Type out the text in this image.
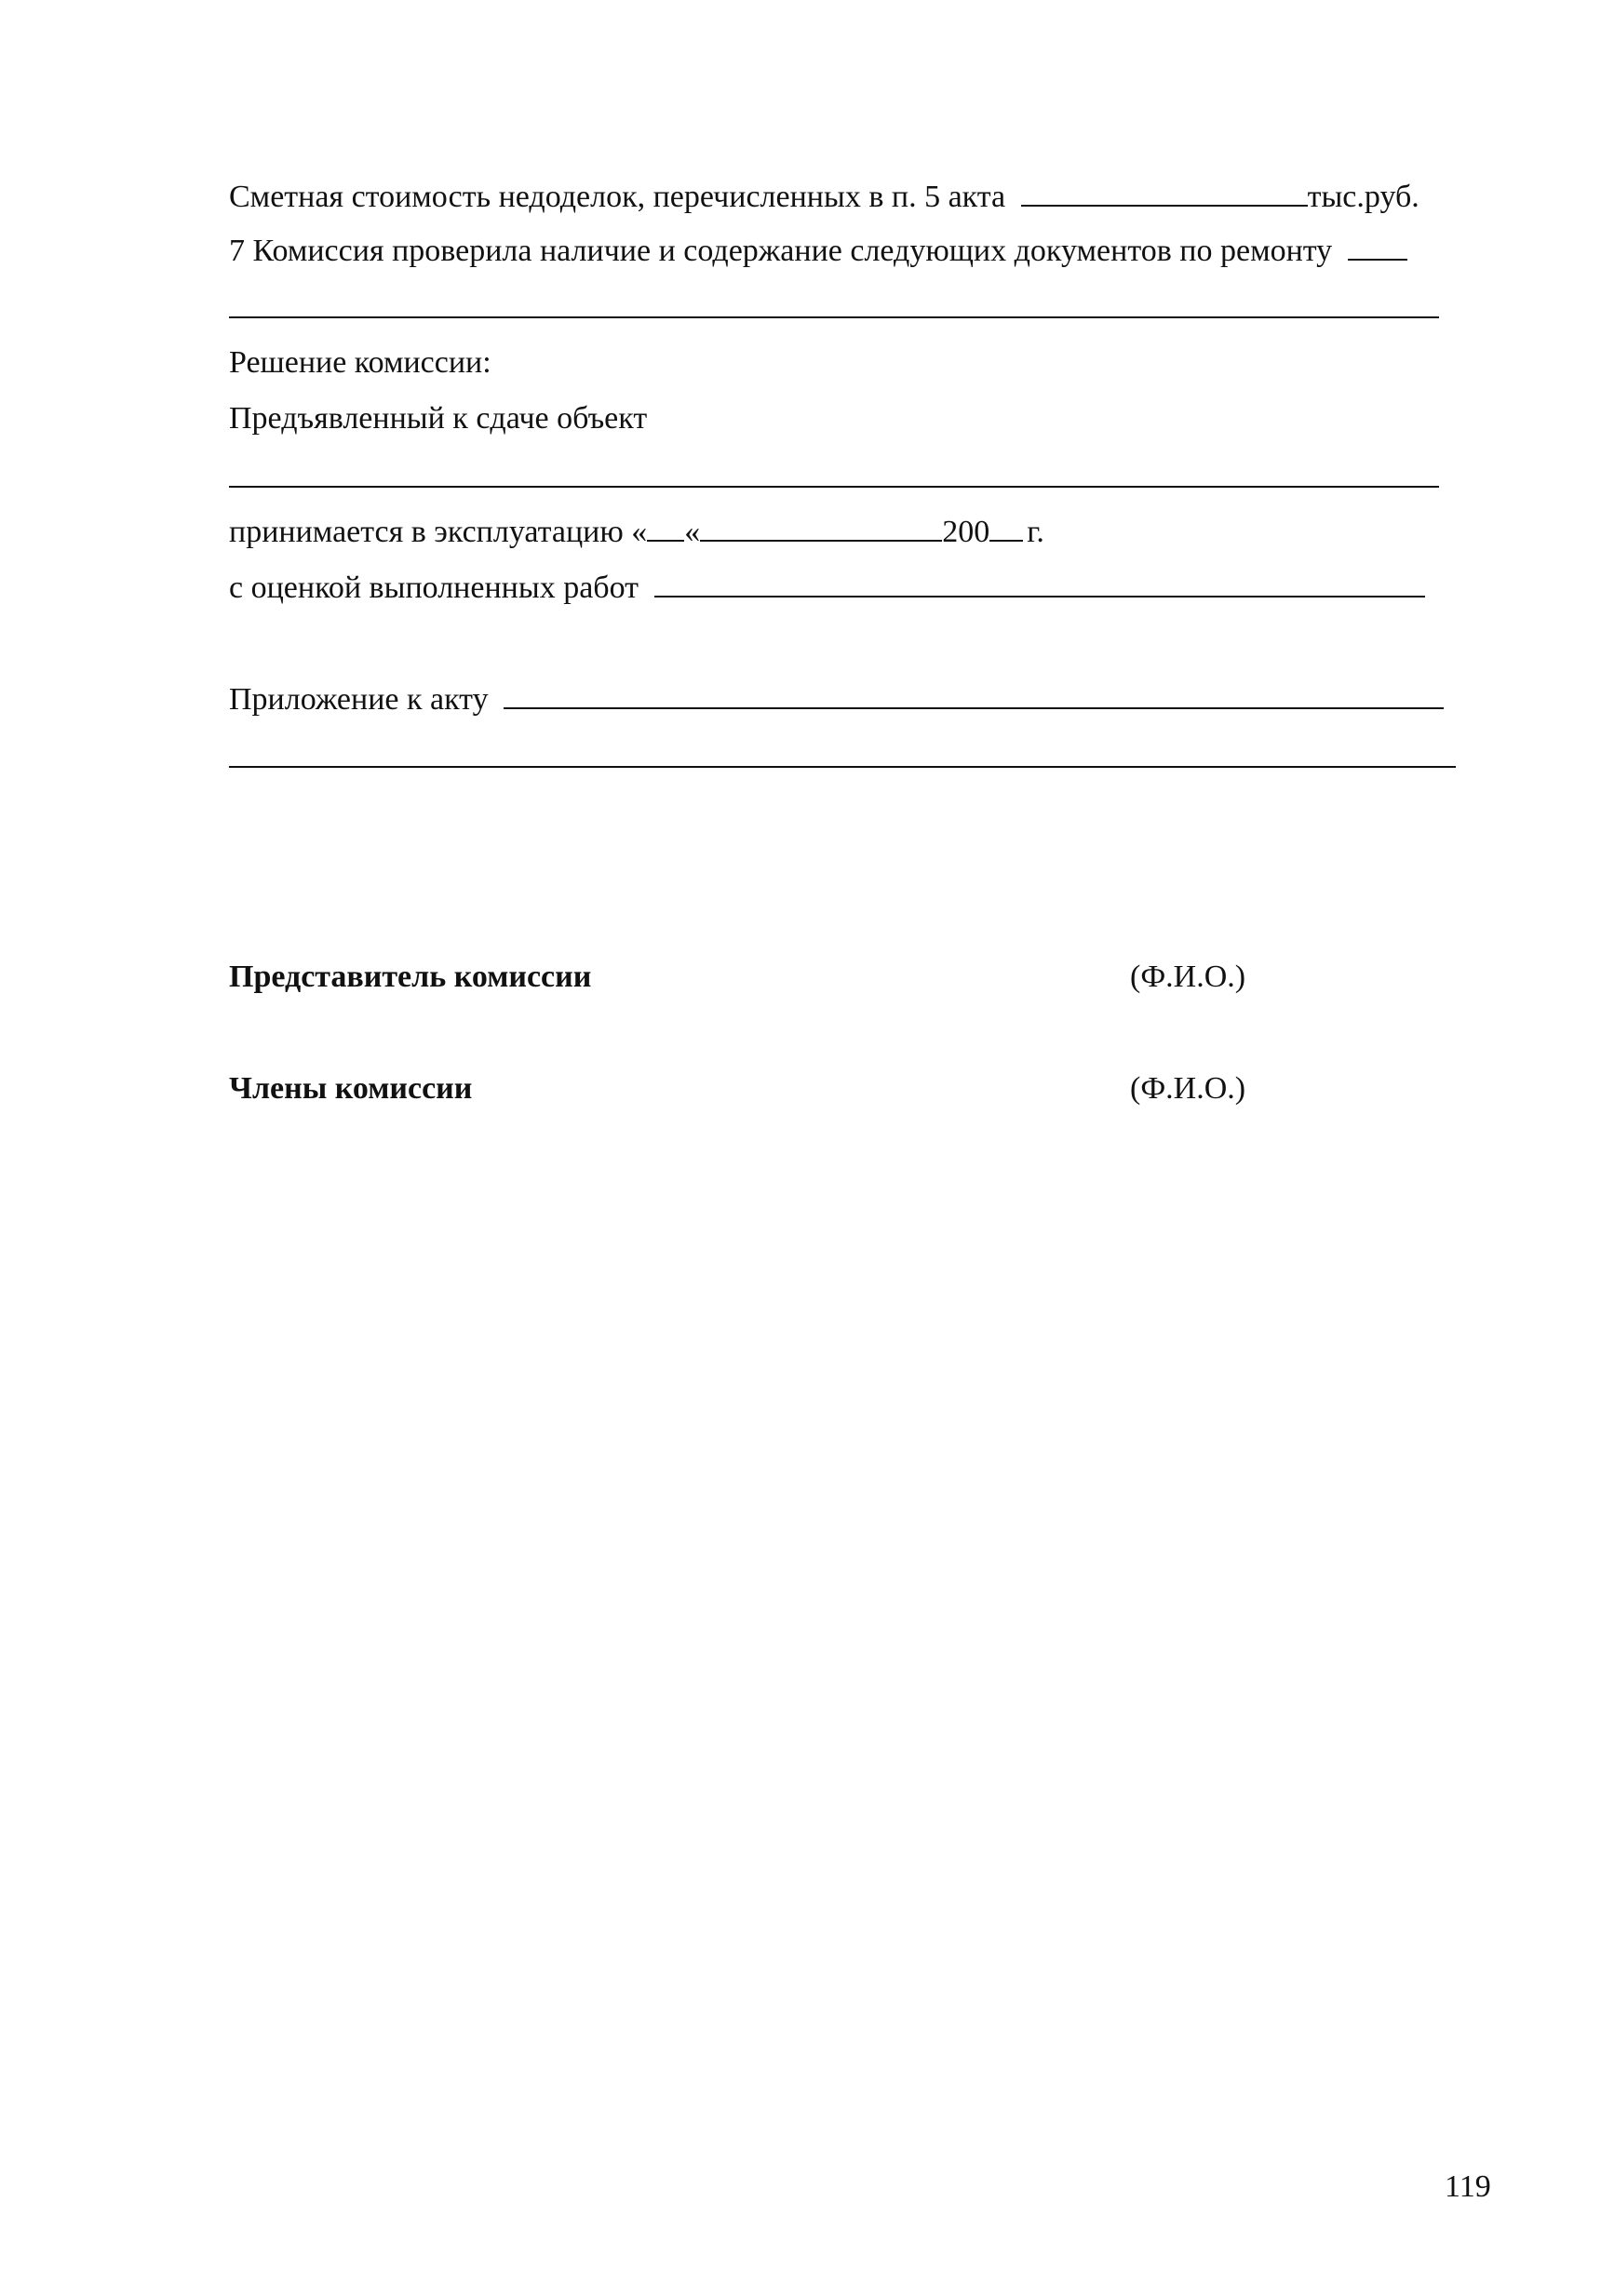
Сметная стоимость недоделок, перечисленных в п. 5 акта	тыс.руб.
7 Комиссия проверила наличие и содержание следующих документов по ремонту
Решение комиссии:
Предъявленный к сдаче объект
принимается в эксплуатацию « «	200 г.
с оценкой выполненных работ
Приложение к акту
Представитель комиссии	(Ф.И.О.)
Члены комиссии	(Ф.И.О.)
119
